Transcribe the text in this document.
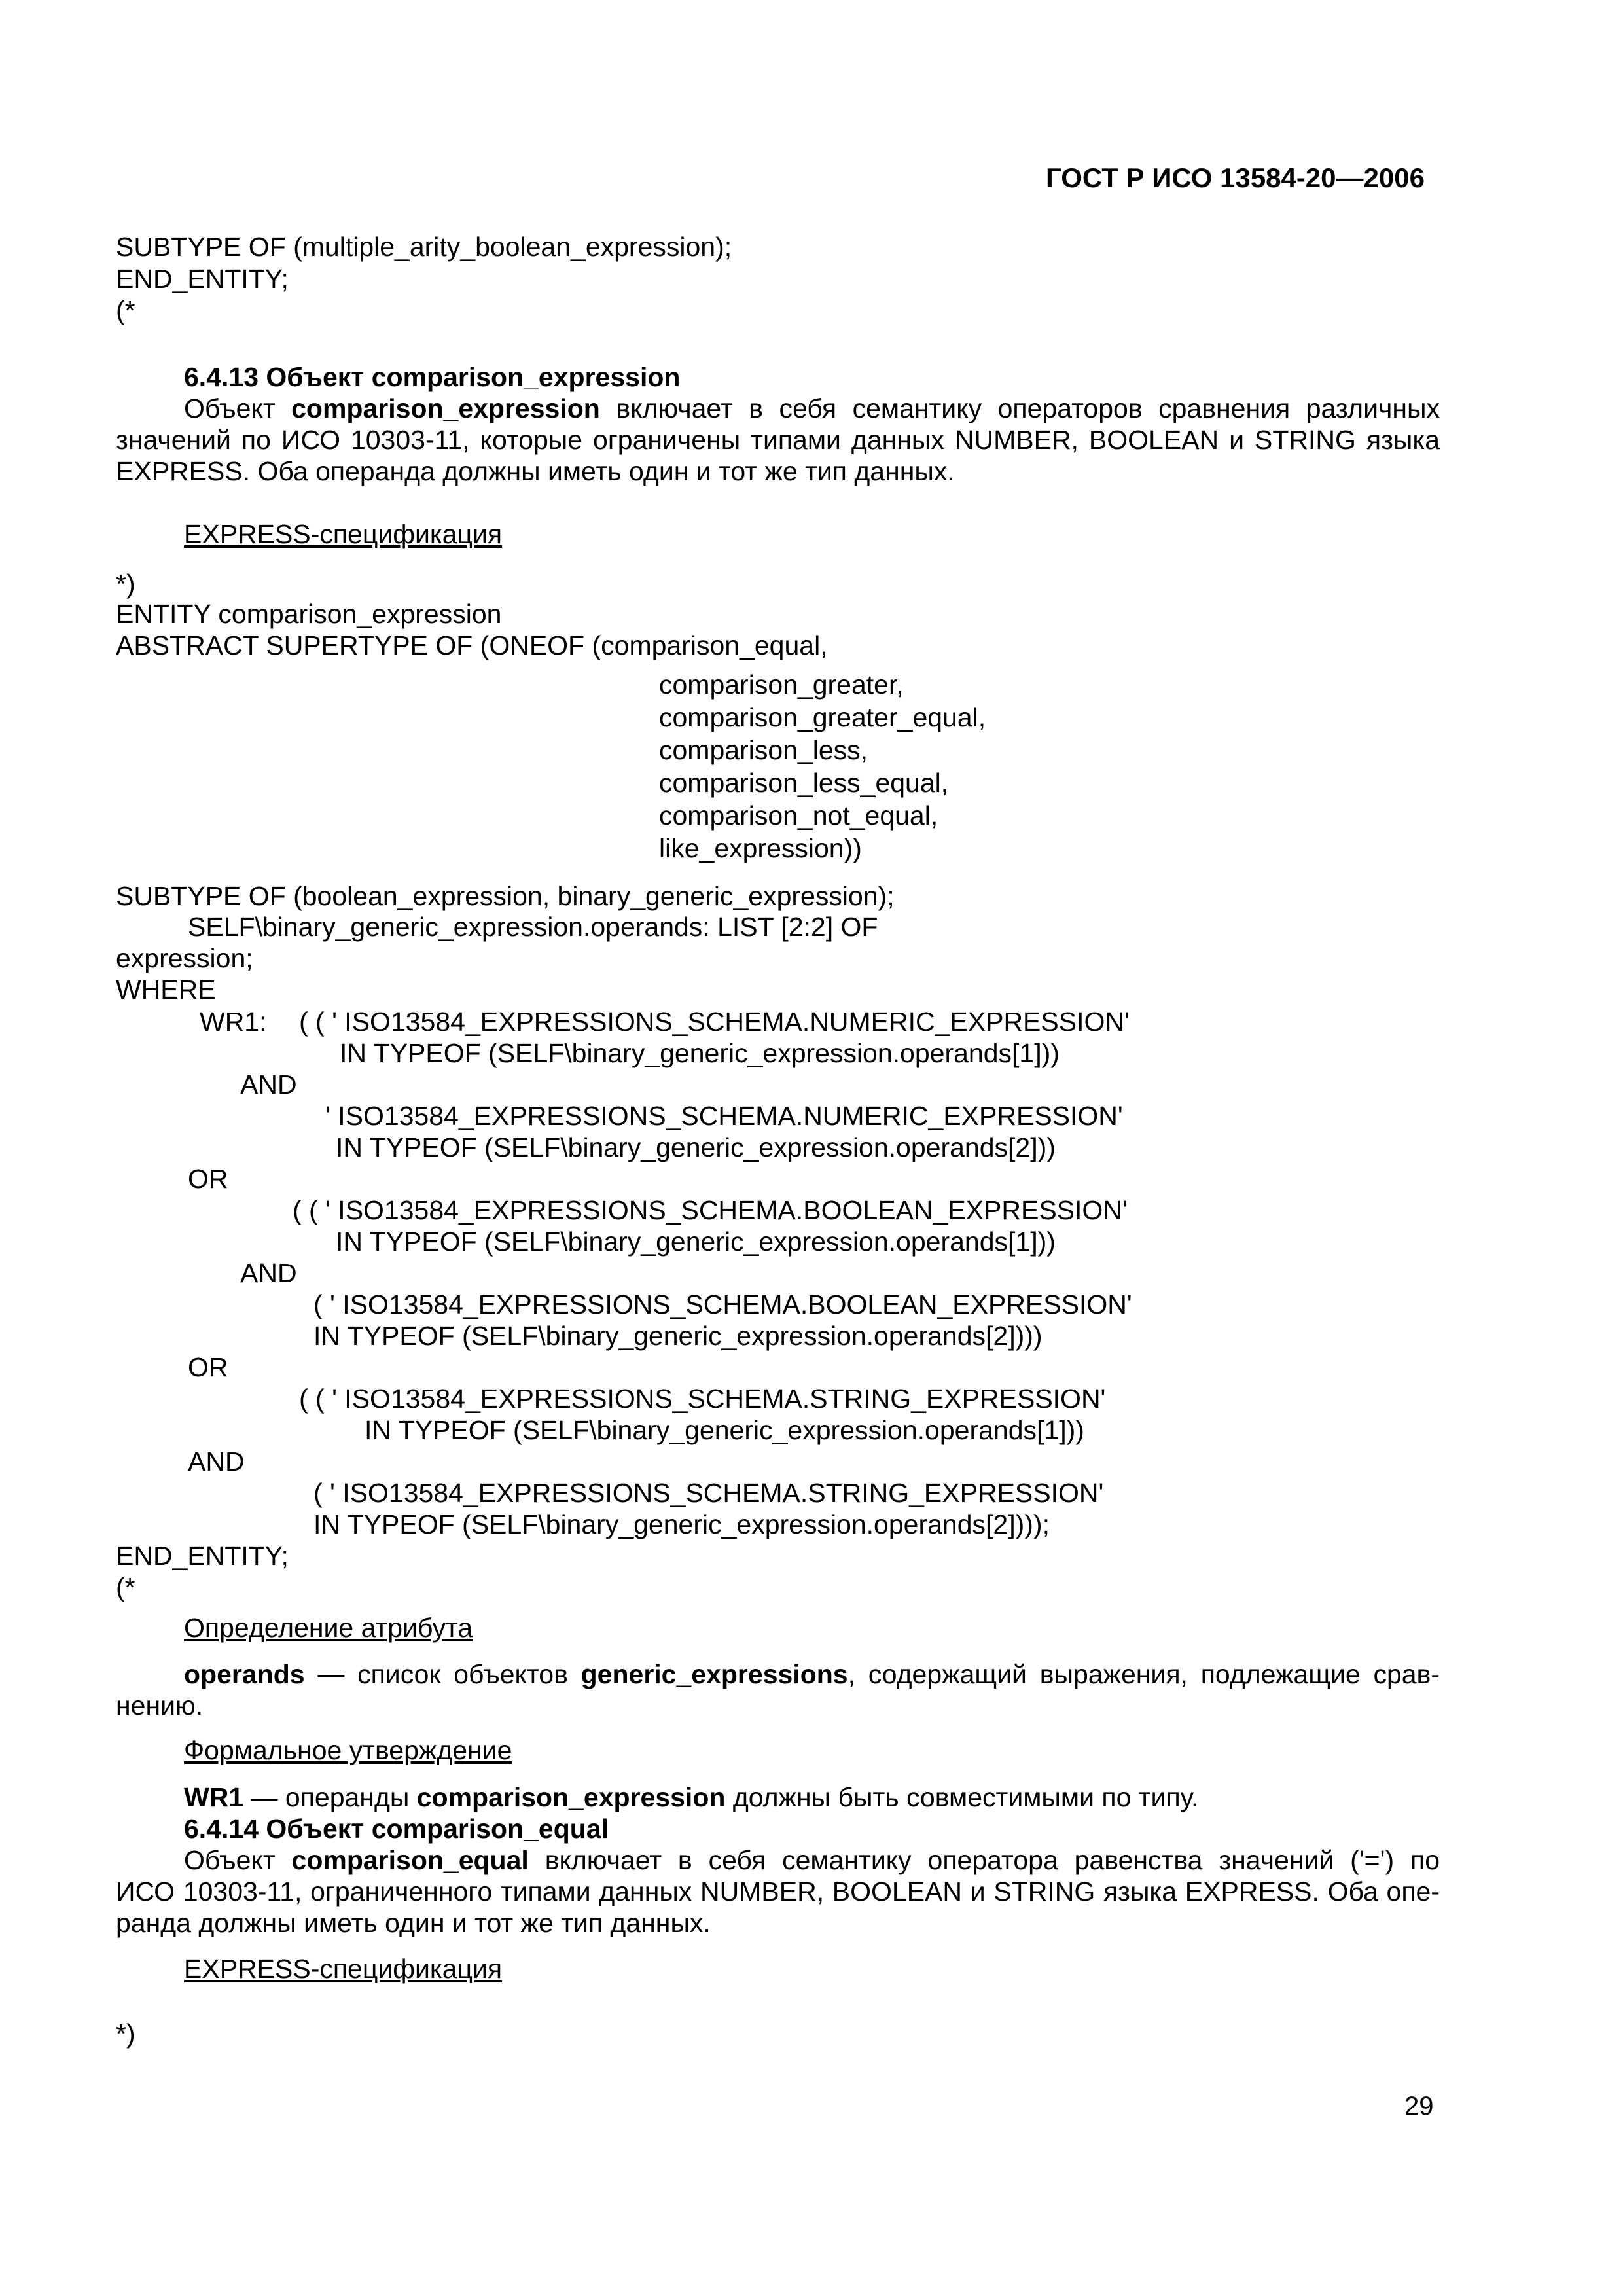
ГОСТ Р ИСО 13584-20—2006
SUBTYPE OF (multiple_arity_boolean_expression);
END_ENTITY;
(*
6.4.13 Объект comparison_expression
Объект comparison_expression включает в себя семантику операторов сравнения различных
значений по ИСО 10303-11, которые ограничены типами данных NUMBER, BOOLEAN и STRING языка
EXPRESS. Оба операнда должны иметь один и тот же тип данных.
EXPRESS-спецификация
*)
ENTITY comparison_expression
ABSTRACT SUPERTYPE OF (ONEOF (comparison_equal,
comparison_greater,
comparison_greater_equal,
comparison_less,
comparison_less_equal,
comparison_not_equal,
like_expression))
SUBTYPE OF (boolean_expression, binary_generic_expression);
SELF\binary_generic_expression.operands: LIST [2:2] OF
expression;
WHERE
WR1: ( ( ' ISO13584_EXPRESSIONS_SCHEMA.NUMERIC_EXPRESSION'
IN TYPEOF (SELF\binary_generic_expression.operands[1]))
AND
' ISO13584_EXPRESSIONS_SCHEMA.NUMERIC_EXPRESSION'
IN TYPEOF (SELF\binary_generic_expression.operands[2]))
OR
( ( ' ISO13584_EXPRESSIONS_SCHEMA.BOOLEAN_EXPRESSION'
IN TYPEOF (SELF\binary_generic_expression.operands[1]))
AND
( ' ISO13584_EXPRESSIONS_SCHEMA.BOOLEAN_EXPRESSION'
IN TYPEOF (SELF\binary_generic_expression.operands[2])))
OR
( ( ' ISO13584_EXPRESSIONS_SCHEMA.STRING_EXPRESSION'
IN TYPEOF (SELF\binary_generic_expression.operands[1]))
AND
( ' ISO13584_EXPRESSIONS_SCHEMA.STRING_EXPRESSION'
IN TYPEOF (SELF\binary_generic_expression.operands[2])));
END_ENTITY;
(*
Определение атрибута
operands — список объектов generic_expressions, содержащий выражения, подлежащие срав-
нению.
Формальное утверждение
WR1 — операнды comparison_expression должны быть совместимыми по типу.
6.4.14 Объект comparison_equal
Объект comparison_equal включает в себя семантику оператора равенства значений ('=') по
ИСО 10303-11, ограниченного типами данных NUMBER, BOOLEAN и STRING языка EXPRESS. Оба опе-
ранда должны иметь один и тот же тип данных.
EXPRESS-спецификация
*)
29
